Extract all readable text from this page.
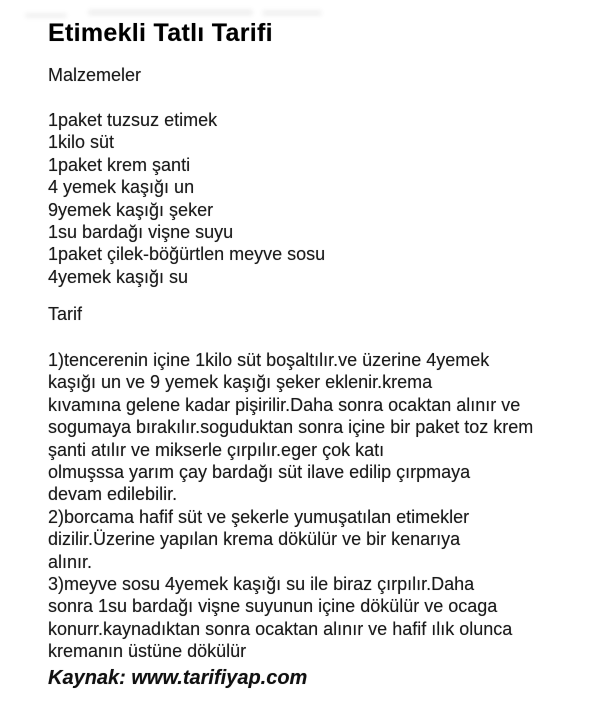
Etimekli Tatlı Tarifi
Malzemeler
1paket tuzsuz etimek
1kilo süt
1paket krem şanti
4 yemek kaşığı un
9yemek kaşığı şeker
1su bardağı vişne suyu
1paket çilek-böğürtlen meyve sosu
4yemek kaşığı su
Tarif
1)tencerenin içine 1kilo süt boşaltılır.ve üzerine 4yemek
kaşığı un ve 9 yemek kaşığı şeker eklenir.krema
kıvamına gelene kadar pişirilir.Daha sonra ocaktan alınır ve
sogumaya bırakılır.soguduktan sonra içine bir paket toz krem
şanti atılır ve mikserle çırpılır.eger çok katı
olmuşssa yarım çay bardağı süt ilave edilip çırpmaya
devam edilebilir.
2)borcama hafif süt ve şekerle yumuşatılan etimekler
dizilir.Üzerine yapılan krema dökülür ve bir kenarıya
alınır.
3)meyve sosu 4yemek kaşığı su ile biraz çırpılır.Daha
sonra 1su bardağı vişne suyunun içine dökülür ve ocaga
konurr.kaynadıktan sonra ocaktan alınır ve hafif ılık olunca
kremanın üstüne dökülür
Kaynak: www.tarifiyap.com
